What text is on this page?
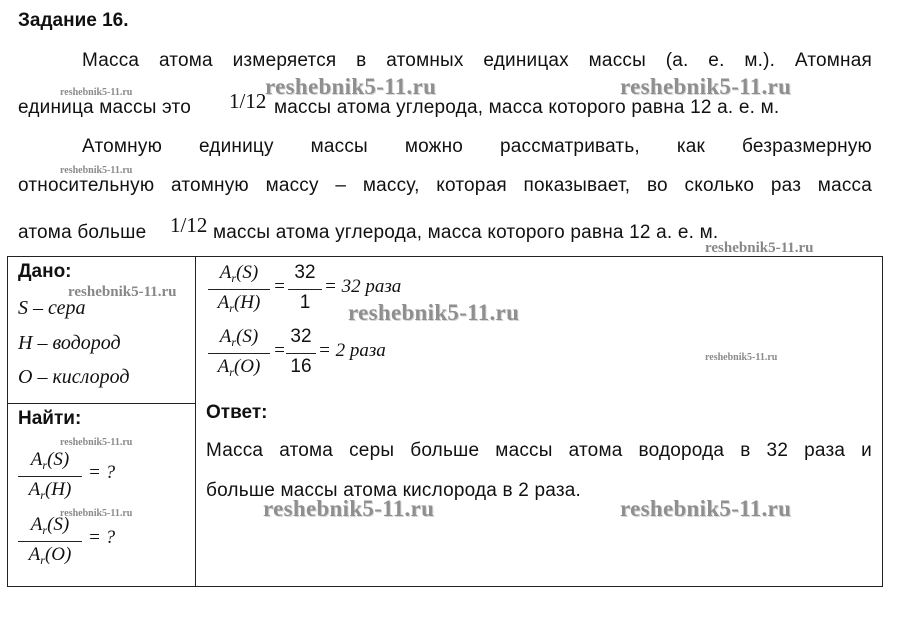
Задание 16.
Масса атома измеряется в атомных единицах массы (а. е. м.). Атомная
единица массы это 1/12 массы атома углерода, масса которого равна 12 а. е. м.
Атомную единицу массы можно рассматривать, как безразмерную
относительную атомную массу – массу, которая показывает, во сколько раз масса
атома больше 1/12 массы атома углерода, масса которого равна 12 а. е. м.
Дано:
S – сера
H – водород
O – кислород
Найти:
$A_r(S)$
$A_r(H)$
= ?
$A_r(S)$
$A_r(O)$
= ?
$A_r(S)$
$A_r(H)$
=
32
1
= 32 раза
$A_r(S)$
$A_r(O)$
=
32
16
= 2 раза
Ответ:
Масса атома серы больше массы атома водорода в 32 раза и
больше массы атома кислорода в 2 раза.
reshebnik5-11.ru	reshebnik5-11.ru
reshebnik5-11.ru
reshebnik5-11.ru	reshebnik5-11.ru
reshebnik5-11.ru
reshebnik5-11.ru
reshebnik5-11.ru
reshebnik5-11.ru
reshebnik5-11.ru
reshebnik5-11.ru
reshebnik5-11.ru
